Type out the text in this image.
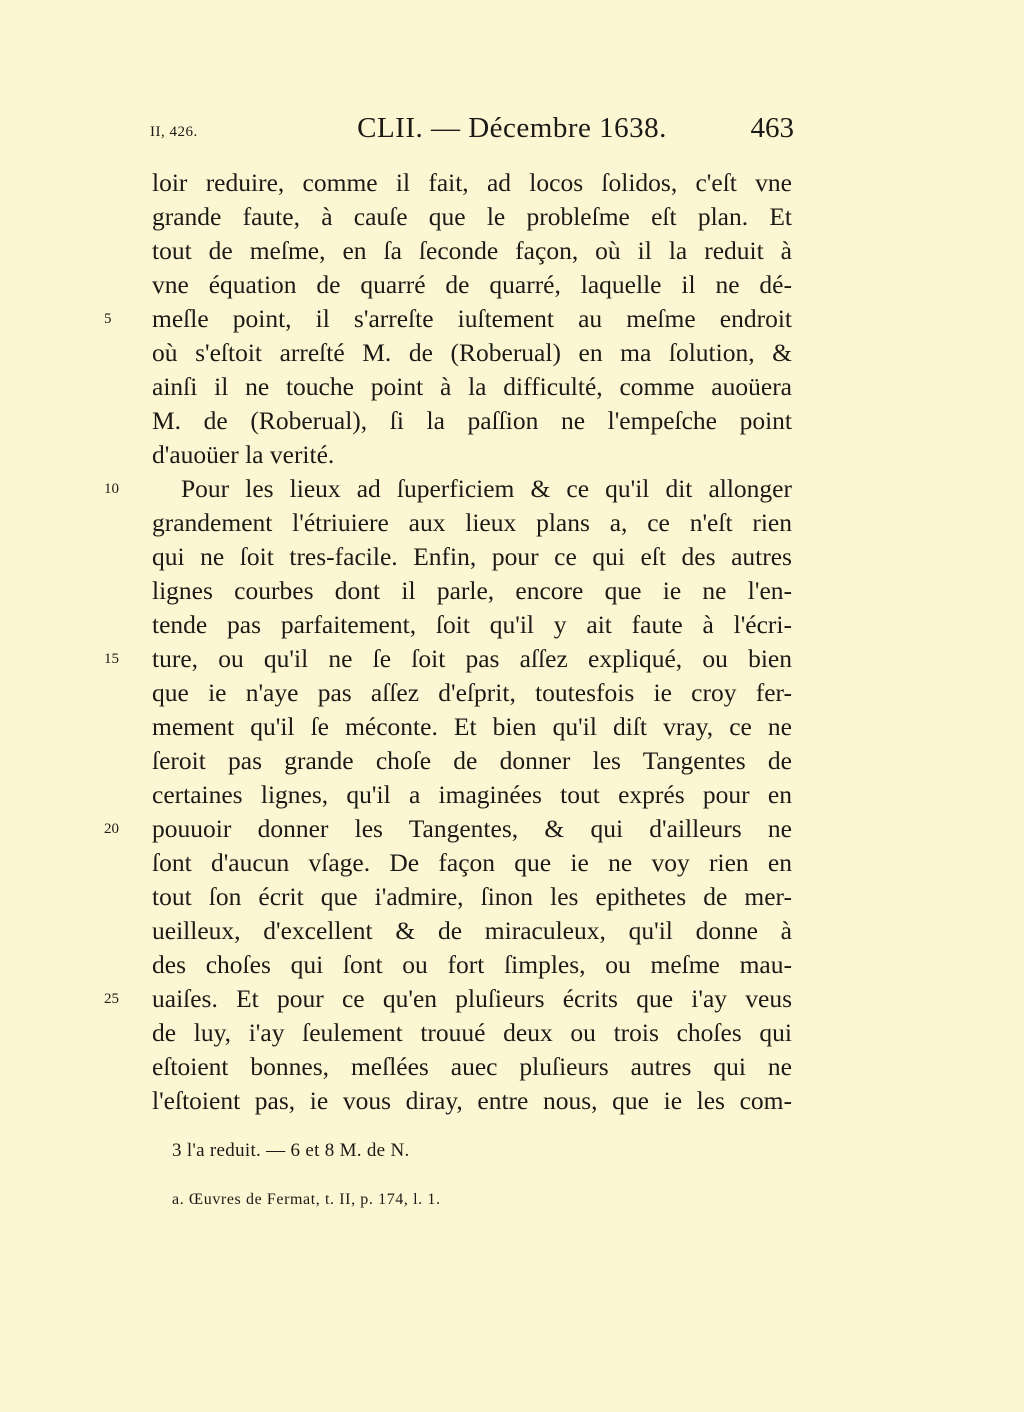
II, 426.	CLII. — Décembre 1638.	463
loir reduire, comme il fait, ad locos ſolidos, c'eſt vne
grande faute, à cauſe que le probleſme eſt plan. Et
tout de meſme, en ſa ſeconde façon, où il la reduit à
vne équation de quarré de quarré, laquelle il ne dé-
5	meſle point, il s'arreſte iuſtement au meſme endroit
où s'eſtoit arreſté M. de (Roberual) en ma ſolution, &
ainſi il ne touche point à la difficulté, comme auoüera
M. de (Roberual), ſi la paſſion ne l'empeſche point
d'auoüer la verité.
10 Pour les lieux ad ſuperficiem & ce qu'il dit allonger
grandement l'étriuiere aux lieux plans a, ce n'eſt rien
qui ne ſoit tres-facile. Enfin, pour ce qui eſt des autres
lignes courbes dont il parle, encore que ie ne l'en-
tende pas parfaitement, ſoit qu'il y ait faute à l'écri-
15 ture, ou qu'il ne ſe ſoit pas aſſez expliqué, ou bien
que ie n'aye pas aſſez d'eſprit, toutesfois ie croy fer-
mement qu'il ſe méconte. Et bien qu'il diſt vray, ce ne
ſeroit pas grande choſe de donner les Tangentes de
certaines lignes, qu'il a imaginées tout exprés pour en
20 pouuoir donner les Tangentes, & qui d'ailleurs ne
ſont d'aucun vſage. De façon que ie ne voy rien en
tout ſon écrit que i'admire, ſinon les epithetes de mer-
ueilleux, d'excellent & de miraculeux, qu'il donne à
des choſes qui ſont ou fort ſimples, ou meſme mau-
25 uaiſes. Et pour ce qu'en pluſieurs écrits que i'ay veus
de luy, i'ay ſeulement trouué deux ou trois choſes qui
eſtoient bonnes, meſlées auec pluſieurs autres qui ne
l'eſtoient pas, ie vous diray, entre nous, que ie les com-
3 l'a reduit. — 6 et 8 M. de N.
a. Œuvres de Fermat, t. II, p. 174, l. 1.
